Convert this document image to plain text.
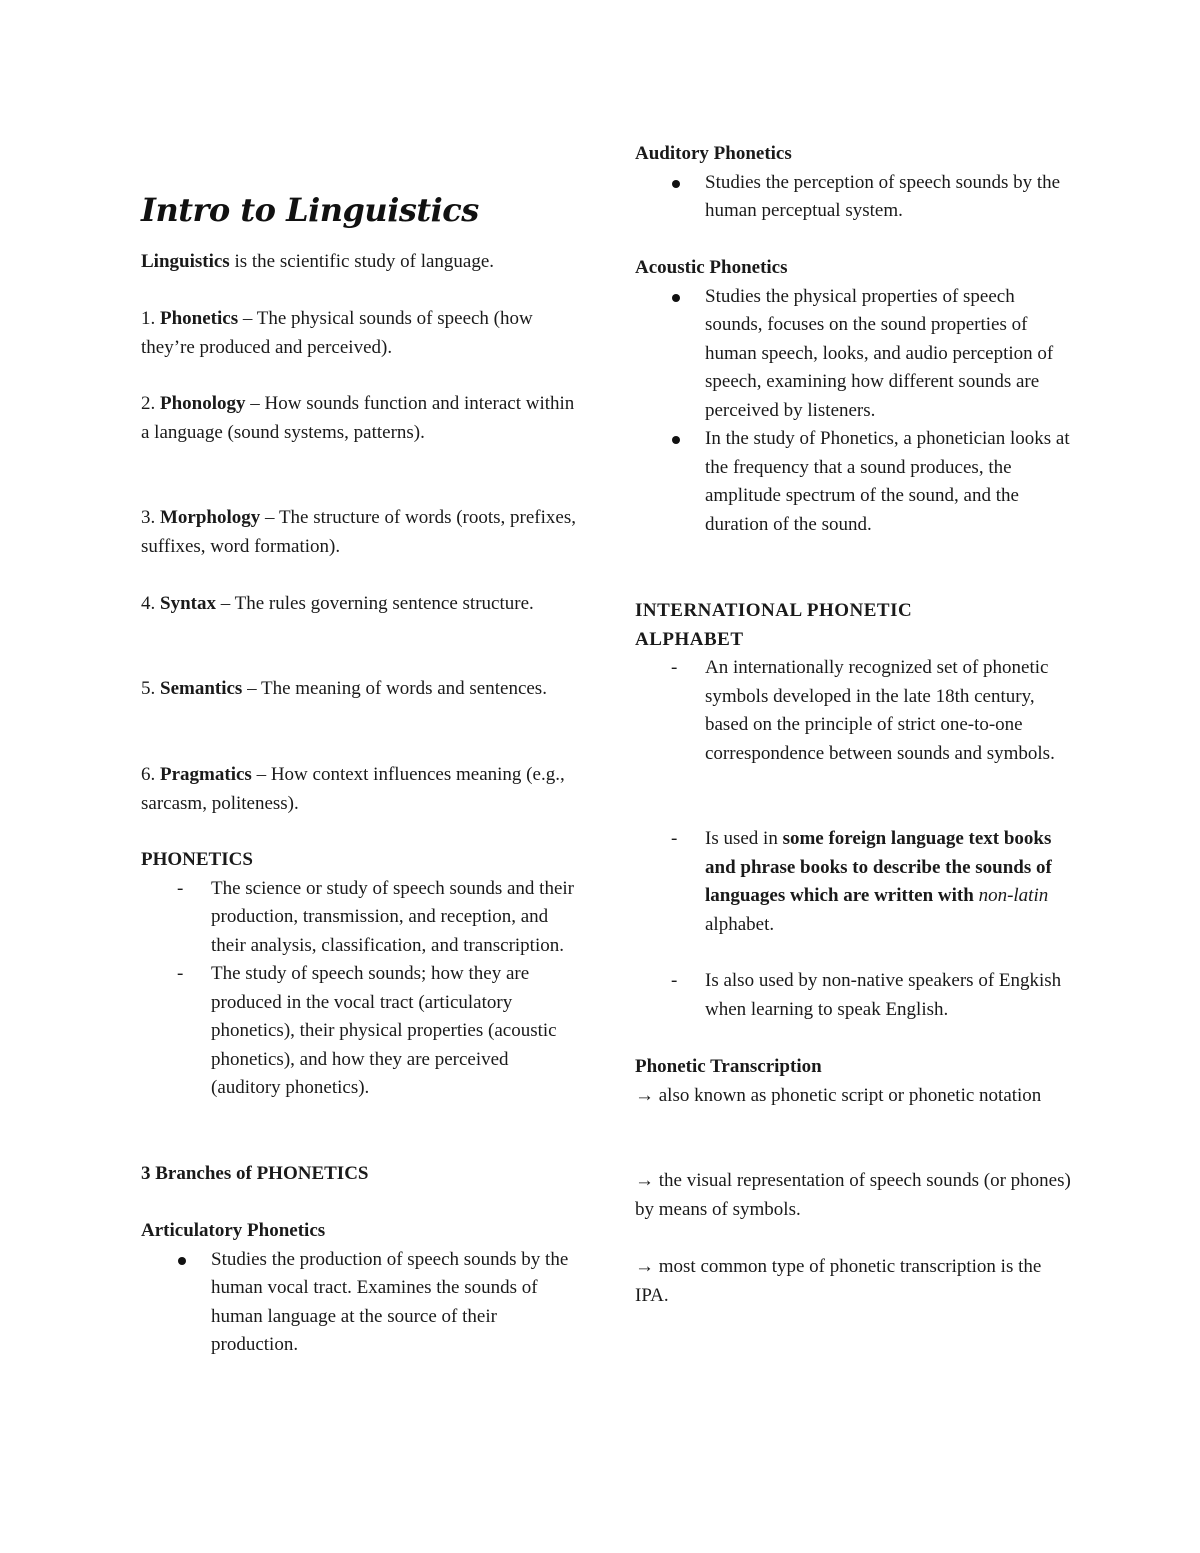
Intro to Linguistics

Linguistics is the scientific study of language.

1. Phonetics – The physical sounds of speech (how they’re produced and perceived).

2. Phonology – How sounds function and interact within a language (sound systems, patterns).

3. Morphology – The structure of words (roots, prefixes, suffixes, word formation).

4. Syntax – The rules governing sentence structure.

5. Semantics – The meaning of words and sentences.

6. Pragmatics – How context influences meaning (e.g., sarcasm, politeness).

PHONETICS
- The science or study of speech sounds and their production, transmission, and reception, and their analysis, classification, and transcription.
- The study of speech sounds; how they are produced in the vocal tract (articulatory phonetics), their physical properties (acoustic phonetics), and how they are perceived (auditory phonetics).

3 Branches of PHONETICS

Articulatory Phonetics
Studies the production of speech sounds by the human vocal tract. Examines the sounds of human language at the source of their production.
Auditory Phonetics
Studies the perception of speech sounds by the human perceptual system.
Acoustic Phonetics
Studies the physical properties of speech sounds, focuses on the sound properties of human speech, looks, and audio perception of speech, examining how different sounds are perceived by listeners.
In the study of Phonetics, a phonetician looks at the frequency that a sound produces, the amplitude spectrum of the sound, and the duration of the sound.
INTERNATIONAL PHONETIC ALPHABET
- An internationally recognized set of phonetic symbols developed in the late 18th century, based on the principle of strict one-to-one correspondence between sounds and symbols.
- Is used in some foreign language text books and phrase books to describe the sounds of languages which are written with non-latin alphabet.
- Is also used by non-native speakers of Engkish when learning to speak English.
Phonetic Transcription
→ also known as phonetic script or phonetic notation

→ the visual representation of speech sounds (or phones) by means of symbols.

→ most common type of phonetic transcription is the IPA.
